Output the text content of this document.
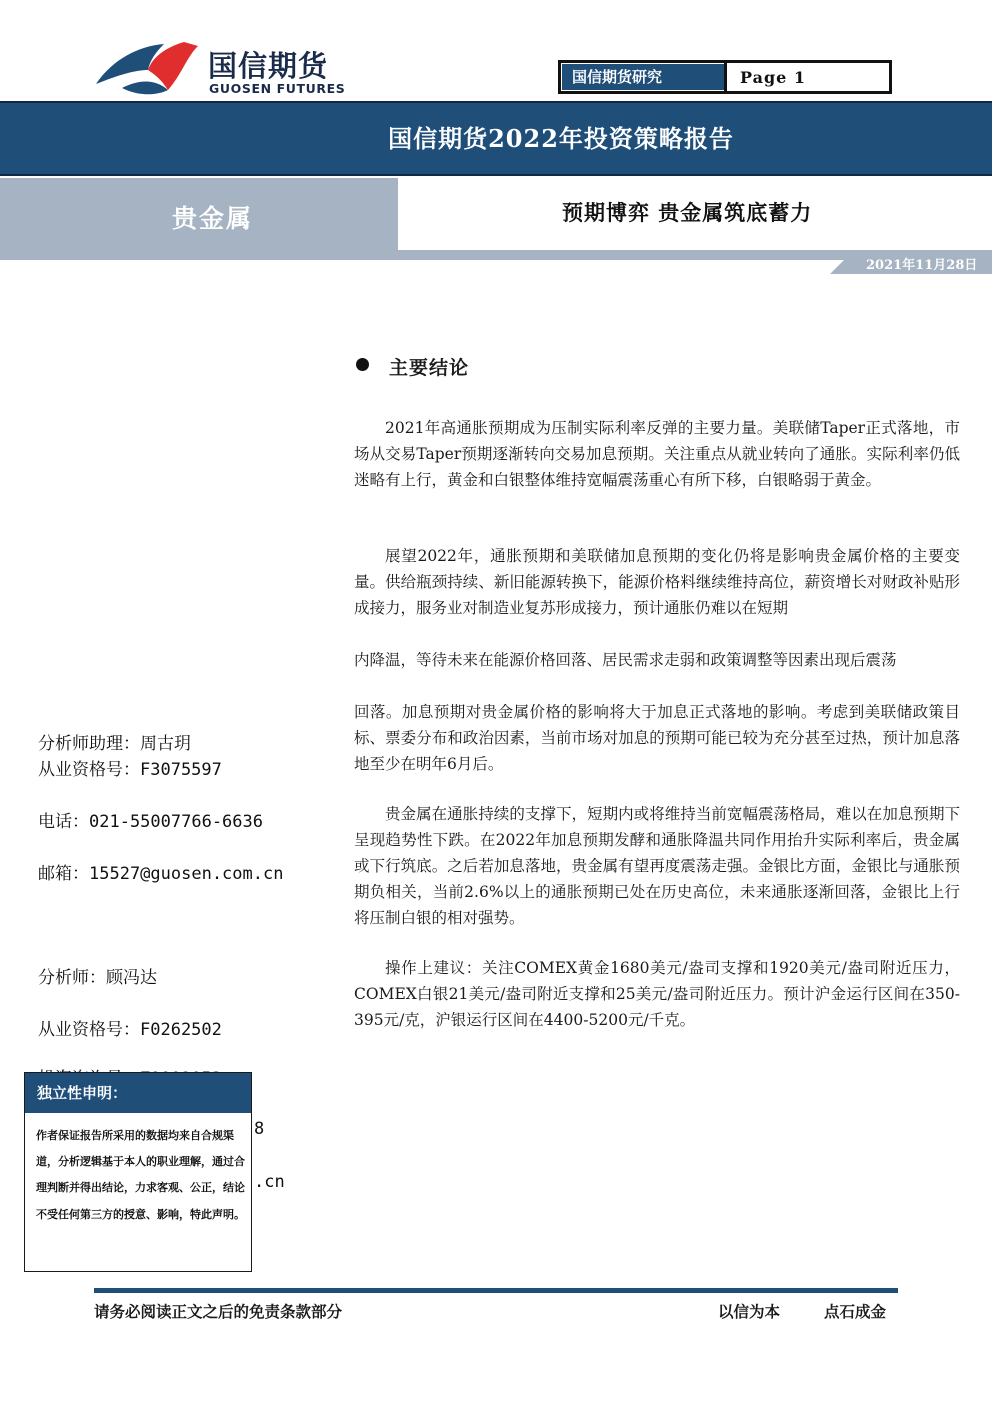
国信期货
GUOSEN FUTURES
国信期货研究	Page 1
国信期货2022年投资策略报告
贵金属	预期博弈 贵金属筑底蓄力
2021年11月28日
分析师助理：周古玥
从业资格号：F3075597
电话：021-55007766-6636
邮箱：15527@guosen.com.cn
分析师：顾冯达
从业资格号：F0262502
8
.cn
独立性申明：
作者保证报告所采用的数据均来自合规渠道，分析逻辑基于本人的职业理解，通过合理判断并得出结论，力求客观、公正，结论不受任何第三方的授意、影响，特此声明。
主要结论
2021年高通胀预期成为压制实际利率反弹的主要力量。美联储Taper正式落地，市场从交易Taper预期逐渐转向交易加息预期。关注重点从就业转向了通胀。实际利率仍低迷略有上行，黄金和白银整体维持宽幅震荡重心有所下移，白银略弱于黄金。
展望2022年，通胀预期和美联储加息预期的变化仍将是影响贵金属价格的主要变量。供给瓶颈持续、新旧能源转换下，能源价格料继续维持高位，薪资增长对财政补贴形成接力，服务业对制造业复苏形成接力，预计通胀仍难以在短期
内降温，等待未来在能源价格回落、居民需求走弱和政策调整等因素出现后震荡
回落。加息预期对贵金属价格的影响将大于加息正式落地的影响。考虑到美联储政策目标、票委分布和政治因素，当前市场对加息的预期可能已较为充分甚至过热，预计加息落地至少在明年6月后。
贵金属在通胀持续的支撑下，短期内或将维持当前宽幅震荡格局，难以在加息预期下呈现趋势性下跌。在2022年加息预期发酵和通胀降温共同作用抬升实际利率后，贵金属或下行筑底。之后若加息落地，贵金属有望再度震荡走强。金银比方面，金银比与通胀预期负相关，当前2.6%以上的通胀预期已处在历史高位，未来通胀逐渐回落，金银比上行将压制白银的相对强势。
操作上建议：关注COMEX黄金1680美元/盎司支撑和1920美元/盎司附近压力，COMEX白银21美元/盎司附近支撑和25美元/盎司附近压力。预计沪金运行区间在350-395元/克，沪银运行区间在4400-5200元/千克。
请务必阅读正文之后的免责条款部分	以信为本	点石成金
